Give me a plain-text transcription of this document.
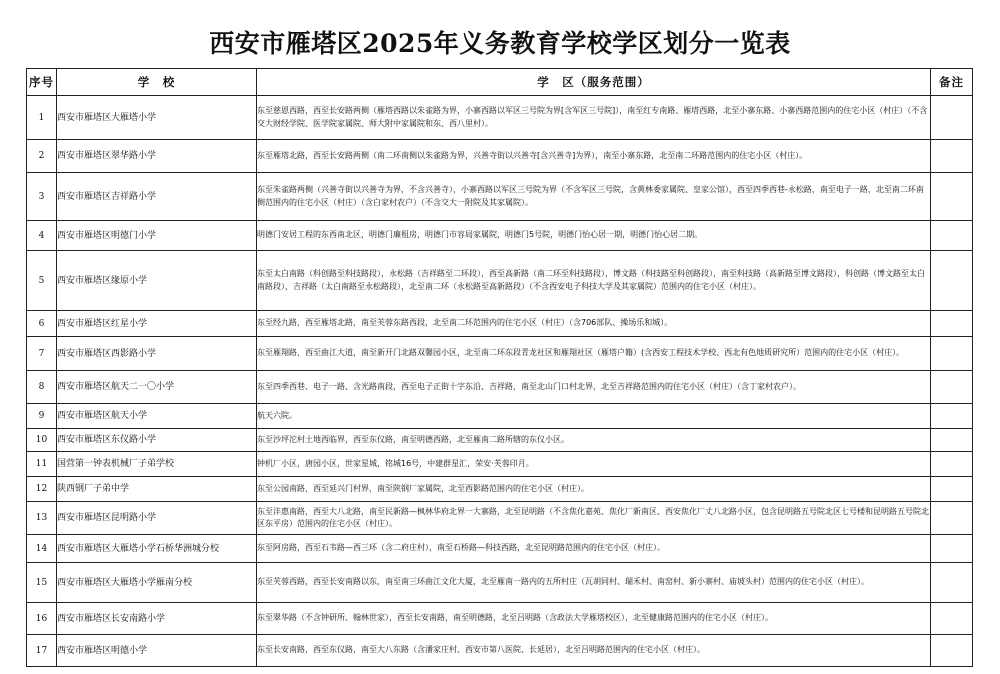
西安市雁塔区2025年义务教育学校学区划分一览表
序号	学　校	学　区（服务范围）	备注
1	西安市雁塔区大雁塔小学	东至慈恩西路，西至长安路两侧（雁塔西路以朱雀路为界，小寨西路以军区三号院为界[含军区三号院]），南至红专南路、雁塔西路，北至小寨东路、小寨西路范围内的住宅小区（村庄）（不含交大财经学院、医学院家属院、师大附中家属院和东、西八里村）。	
2	西安市雁塔区翠华路小学	东至雁塔北路，西至长安路两侧（南二环南侧以朱雀路为界，兴善寺街以兴善寺[含兴善寺]为界），南至小寨东路，北至南二环路范围内的住宅小区（村庄）。	
3	西安市雁塔区吉祥路小学	东至朱雀路两侧（兴善寺街以兴善寺为界，不含兴善寺），小寨西路以军区三号院为界（不含军区三号院，含黄林委家属院、皇家公馆），西至四季西巷-永松路，南至电子一路，北至南二环南侧范围内的住宅小区（村庄）（含白家村农户）（不含交大一附院及其家属院）。	
4	西安市雁塔区明德门小学	明德门安居工程的东西南北区，明德门廉租房，明德门市容局家属院，明德门5号院，明德门怡心居一期，明德门怡心居二期。	
5	西安市雁塔区缘原小学	东至太白南路（科创路至科技路段），永松路（吉祥路至二环段），西至高新路（南二环至科技路段），博文路（科技路至科创路段），南至科技路（高新路至博文路段），科创路（博文路至太白南路段），吉祥路（太白南路至永松路段），北至南二环（永松路至高新路段）（不含西安电子科技大学及其家属院）范围内的住宅小区（村庄）。	
6	西安市雁塔区红星小学	东至经九路，西至雁塔北路，南至芙蓉东路西段，北至南二环范围内的住宅小区（村庄）（含706部队、操场乐和城）。	
7	西安市雁塔区西影路小学	东至雁翔路，西至曲江大道，南至新开门北路双馨园小区，北至南二环东段青龙社区和雁翔社区（雁塔户籍）(含西安工程技术学校、西北有色地质研究所）范围内的住宅小区（村庄）。	
8	西安市雁塔区航天二一〇小学	东至四季西巷、电子一路、含光路南段，西至电子正街十字东沿、吉祥路，南至北山门口村北界，北至吉祥路范围内的住宅小区（村庄）（含丁家村农户）。	
9	西安市雁塔区航天小学	航天六院。	
10	西安市雁塔区东仪路小学	东至沙坪沱村土地西临界，西至东仪路，南至明德西路，北至雁南二路所辖的东仪小区。	
11	国营第一钟表机械厂子弟学校	钟机厂小区，唐园小区，世家星城，铭城16号，中建群星汇，荣安·芙蓉印月。	
12	陕西钢厂子弟中学	东至公园南路，西至延兴门村界，南至陕钢厂家属院，北至西影路范围内的住宅小区（村庄）。	
13	西安市雁塔区昆明路小学	东至沣惠南路，西至大八北路，南至民新路—枫林华府北界一大寨路，北至昆明路（不含焦化嘉苑、焦化厂新南区、西安焦化厂丈八北路小区，包含昆明路五号院北区七号楼和昆明路五号院北区东平房）范围内的住宅小区（村庄）。	
14	西安市雁塔区大雁塔小学石桥华洲城分校	东至阿房路，西至石韦路—西三环（含二府庄村），南至石桥路—科技西路，北至昆明路范围内的住宅小区（村庄）。	
15	西安市雁塔区大雁塔小学雁南分校	东至芙蓉西路，西至长安南路以东，南至南三环曲江文化大厦，北至雁南一路内的五所村庄（瓦胡同村、瑞禾村、南窑村、新小寨村、庙坡头村）范围内的住宅小区（村庄）。	
16	西安市雁塔区长安南路小学	东至翠华路（不含钟研所、翰林世家），西至长安南路，南至明德路，北至吕明路（含政法大学雁塔校区），北至健康路范围内的住宅小区（村庄）。	
17	西安市雁塔区明德小学	东至长安南路，西至东仪路，南至大八东路（含潘家庄村、西安市第八医院、长延居），北至吕明路范围内的住宅小区（村庄）。	
